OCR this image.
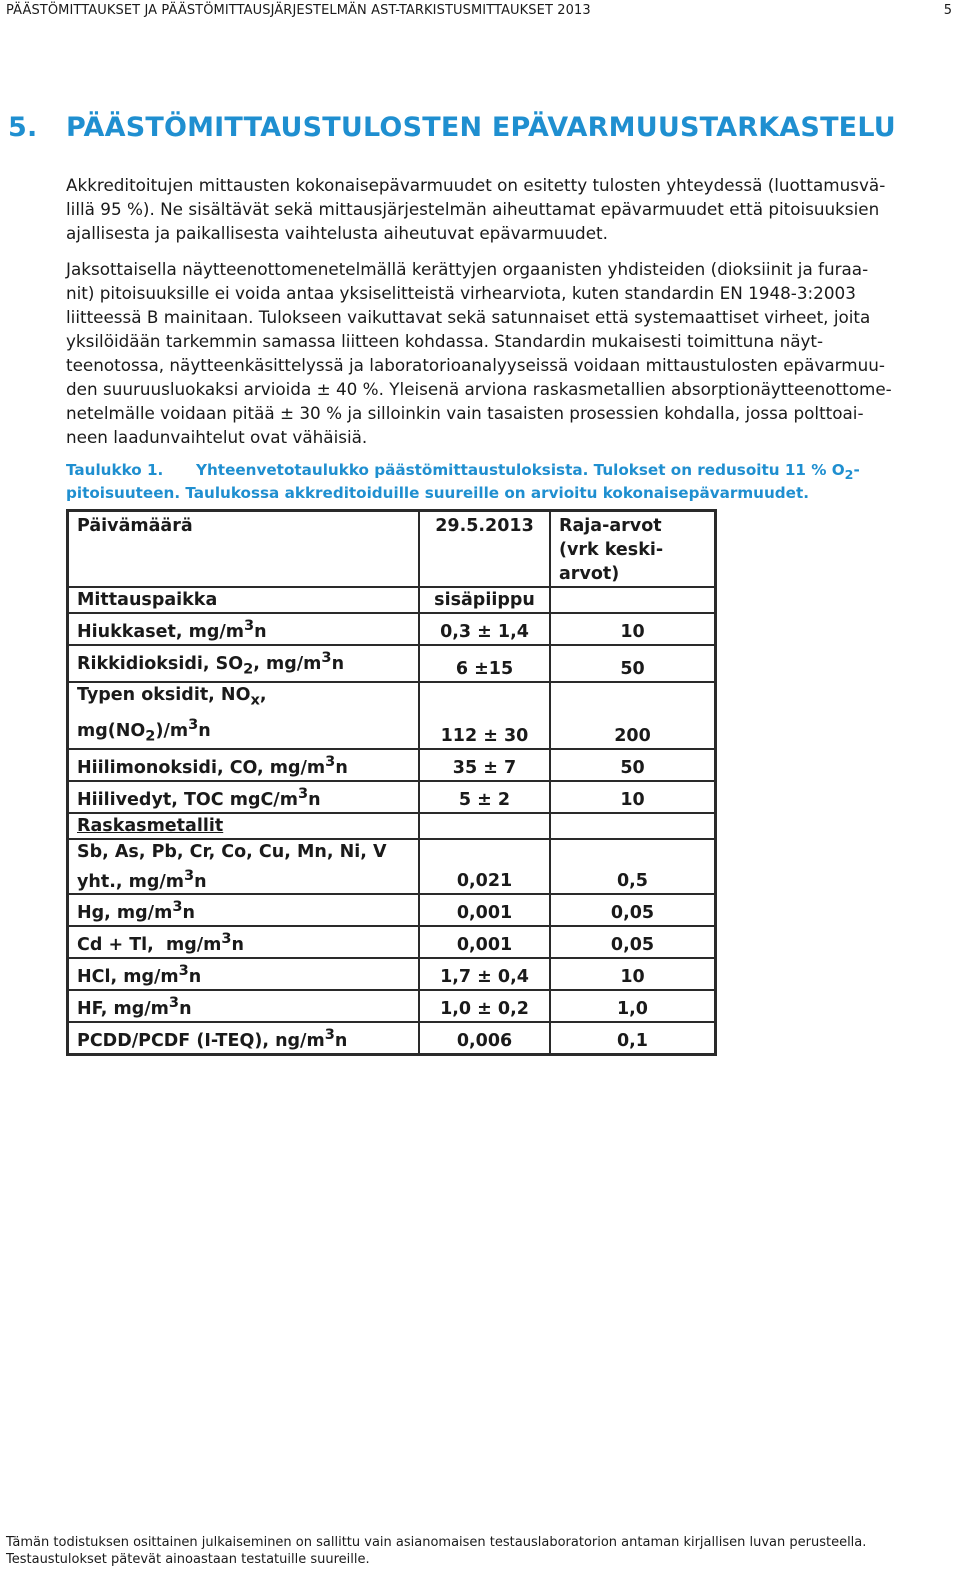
PÄÄSTÖMITTAUKSET JA PÄÄSTÖMITTAUSJÄRJESTELMÄN AST-TARKISTUSMITTAUKSET 2013	5
5. PÄÄSTÖMITTAUSTULOSTEN EPÄVARMUUSTARKASTELU

Akkreditoitujen mittausten kokonaisepävarmuudet on esitetty tulosten yhteydessä (luottamusvä-
lillä 95 %). Ne sisältävät sekä mittausjärjestelmän aiheuttamat epävarmuudet että pitoisuuksien
ajallisesta ja paikallisesta vaihtelusta aiheutuvat epävarmuudet.

Jaksottaisella näytteenottomenetelmällä kerättyjen orgaanisten yhdisteiden (dioksiinit ja furaa-
nit) pitoisuuksille ei voida antaa yksiselitteistä virhearviota, kuten standardin EN 1948-3:2003
liitteessä B mainitaan. Tulokseen vaikuttavat sekä satunnaiset että systemaattiset virheet, joita
yksilöidään tarkemmin samassa liitteen kohdassa. Standardin mukaisesti toimittuna näyt-
teenotossa, näytteenkäsittelyssä ja laboratorioanalyyseissä voidaan mittaustulosten epävarmuu-
den suuruusluokaksi arvioida ± 40 %. Yleisenä arviona raskasmetallien absorptionäytteenottome-
netelmälle voidaan pitää ± 30 % ja silloinkin vain tasaisten prosessien kohdalla, jossa polttoai-
neen laadunvaihtelut ovat vähäisiä.

Taulukko 1. Yhteenvetotaulukko päästömittaustuloksista. Tulokset on redusoitu 11 % $O_2-$
pitoisuuteen. Taulukossa akkreditoiduille suureille on arvioitu kokonaisepävarmuudet.
Päivämäärä	29.5.2013	Raja-arvot
(vrk keski-
arvot)
Mittauspaikka	sisäpiippu	
Hiukkaset, $mg/m^3n$	0,3 ± 1,4	10
Rikkidioksidi, $SO_2$, $mg/m^3n$	6 ±15	50
Typen oksidit, $NO_x$,
$mg(NO_2)/m^3n$	112 ± 30	200
Hiilimonoksidi, CO, $mg/m^3n$	35 ± 7	50
Hiilivedyt, TOC mgC/$m^3n$	5 ± 2	10
Raskasmetallit		
Sb, As, Pb, Cr, Co, Cu, Mn, Ni, V
yht., $mg/m^3n$	0,021	0,5
Hg, $mg/m^3n$	0,001	0,05
Cd + Tl,  $mg/m^3n$	0,001	0,05
HCl, $mg/m^3n$	1,7 ± 0,4	10
HF, $mg/m^3n$	1,0 ± 0,2	1,0
PCDD/PCDF (I-TEQ), $ng/m^3n$	0,006	0,1
Tämän todistuksen osittainen julkaiseminen on sallittu vain asianomaisen testauslaboratorion antaman kirjallisen luvan perusteella.
Testaustulokset pätevät ainoastaan testatuille suureille.
